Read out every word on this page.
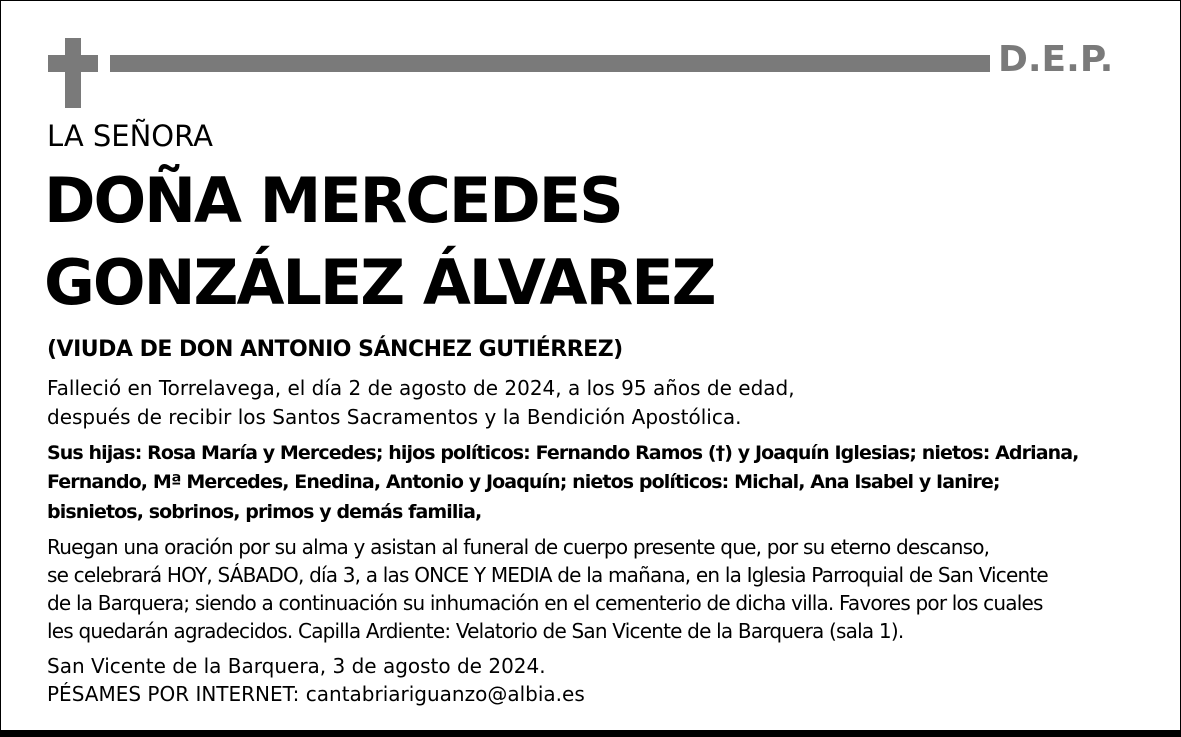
D.E.P.
LA SEÑORA
DOÑA MERCEDES
GONZÁLEZ ÁLVAREZ
(VIUDA DE DON ANTONIO SÁNCHEZ GUTIÉRREZ)
Falleció en Torrelavega, el día 2 de agosto de 2024, a los 95 años de edad,
después de recibir los Santos Sacramentos y la Bendición Apostólica.
Sus hijas: Rosa María y Mercedes; hijos políticos: Fernando Ramos (†) y Joaquín Iglesias; nietos: Adriana,
Fernando, Mª Mercedes, Enedina, Antonio y Joaquín; nietos políticos: Michal, Ana Isabel y Ianire;
bisnietos, sobrinos, primos y demás familia,
Ruegan una oración por su alma y asistan al funeral de cuerpo presente que, por su eterno descanso,
se celebrará HOY, SÁBADO, día 3, a las ONCE Y MEDIA de la mañana, en la Iglesia Parroquial de San Vicente
de la Barquera; siendo a continuación su inhumación en el cementerio de dicha villa. Favores por los cuales
les quedarán agradecidos. Capilla Ardiente: Velatorio de San Vicente de la Barquera (sala 1).
San Vicente de la Barquera, 3 de agosto de 2024.
PÉSAMES POR INTERNET: cantabriariguanzo@albia.es
